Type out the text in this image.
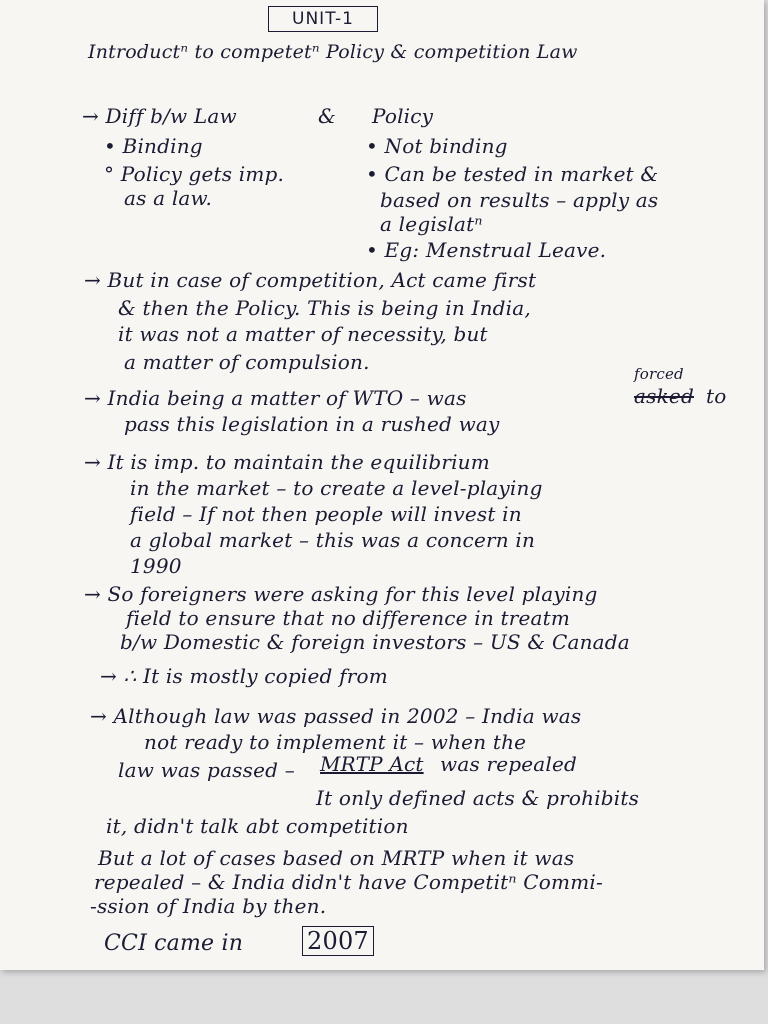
UNIT-1

Introductⁿ to competetⁿ Policy & competition Law

→ Diff b/w Law	& Policy

• Binding

° Policy gets imp.

as a law.

• Not binding

• Can be tested in market &

based on results – apply as

a legislatⁿ

• Eg: Menstrual Leave.

→ But in case of competition, Act came first

& then the Policy. This is being in India,

it was not a matter of necessity, but

a matter of compulsion.

→ India being a matter of WTO – was

forced

asked to

pass this legislation in a rushed way

→ It is imp. to maintain the equilibrium

in the market – to create a level-playing

field – If not then people will invest in

a global market – this was a concern in

1990

→ So foreigners were asking for this level playing

field to ensure that no difference in treatm

b/w Domestic & foreign investors – US & Canada

→ ∴ It is mostly copied from

→ Although law was passed in 2002 – India was

not ready to implement it – when the

law was passed – MRTP Act was repealed

It only defined acts & prohibits

it, didn't talk abt competition

But a lot of cases based on MRTP when it was

repealed – & India didn't have Competitⁿ Commi-

-ssion of India by then.

CCI came in	2007
